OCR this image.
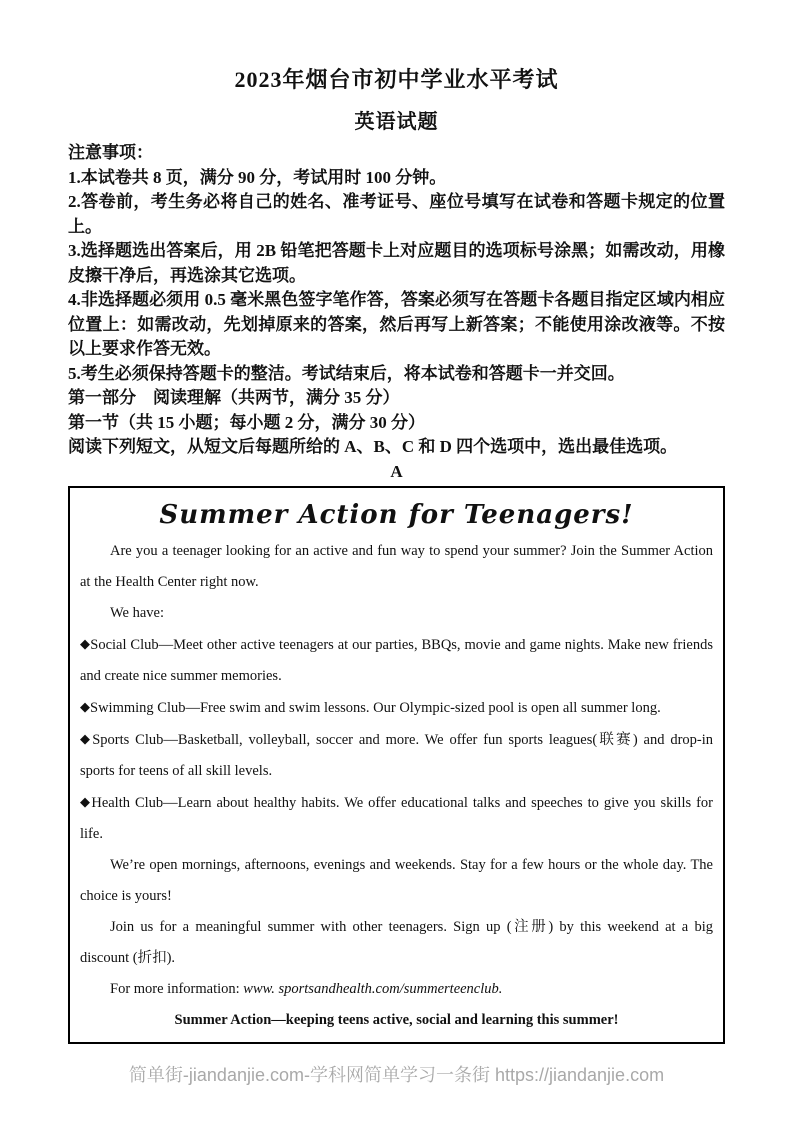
2023年烟台市初中学业水平考试
英语试题

注意事项：

1.本试卷共 8 页，满分 90 分，考试用时 100 分钟。

2.答卷前，考生务必将自己的姓名、准考证号、座位号填写在试卷和答题卡规定的位置上。

3.选择题选出答案后，用 2B 铅笔把答题卡上对应题目的选项标号涂黑；如需改动，用橡皮擦干净后，再选涂其它选项。

4.非选择题必须用 0.5 毫米黑色签字笔作答，答案必须写在答题卡各题目指定区域内相应位置上：如需改动，先划掉原来的答案，然后再写上新答案；不能使用涂改液等。不按以上要求作答无效。

5.考生必须保持答题卡的整洁。考试结束后，将本试卷和答题卡一并交回。

第一部分　阅读理解（共两节，满分 35 分）

第一节（共 15 小题；每小题 2 分，满分 30 分）

阅读下列短文，从短文后每题所给的 A、B、C 和 D 四个选项中，选出最佳选项。

A
Summer Action for Teenagers!

Are you a teenager looking for an active and fun way to spend your summer? Join the Summer Action at the Health Center right now.

We have:

◆Social Club—Meet other active teenagers at our parties, BBQs, movie and game nights. Make new friends and create nice summer memories.

◆Swimming Club—Free swim and swim lessons. Our Olympic-sized pool is open all summer long.

◆Sports Club—Basketball, volleyball, soccer and more. We offer fun sports leagues(联赛) and drop-in sports for teens of all skill levels.

◆Health Club—Learn about healthy habits. We offer educational talks and speeches to give you skills for life.

We’re open mornings, afternoons, evenings and weekends. Stay for a few hours or the whole day. The choice is yours!

Join us for a meaningful summer with other teenagers. Sign up (注册) by this weekend at a big discount (折扣).

For more information: www. sportsandhealth.com/summerteenclub.

Summer Action—keeping teens active, social and learning this summer!

简单街-jiandanjie.com-学科网简单学习一条街 https://jiandanjie.com
